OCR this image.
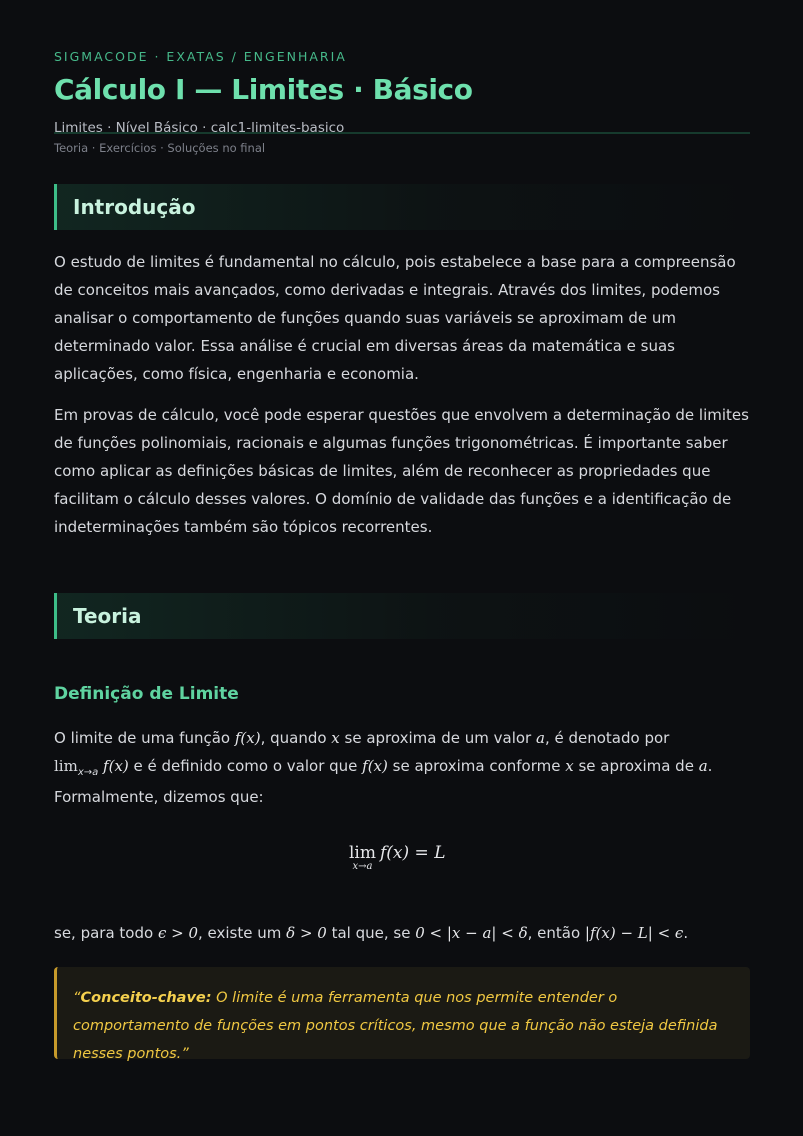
SIGMACODE · EXATAS / ENGENHARIA
Cálculo I — Limites · Básico
Limites · Nível Básico · calc1-limites-basico
Teoria · Exercícios · Soluções no final
Introdução

O estudo de limites é fundamental no cálculo, pois estabelece a base para a compreensão de conceitos mais avançados, como derivadas e integrais. Através dos limites, podemos analisar o comportamento de funções quando suas variáveis se aproximam de um determinado valor. Essa análise é crucial em diversas áreas da matemática e suas aplicações, como física, engenharia e economia.

Em provas de cálculo, você pode esperar questões que envolvem a determinação de limites de funções polinomiais, racionais e algumas funções trigonométricas. É importante saber como aplicar as definições básicas de limites, além de reconhecer as propriedades que facilitam o cálculo desses valores. O domínio de validade das funções e a identificação de indeterminações também são tópicos recorrentes.

Teoria
Definição de Limite

O limite de uma função f(x), quando x se aproxima de um valor a, é denotado por
$\lim_{x\to a} f(x)$ e é definido como o valor que f(x) se aproxima conforme x se aproxima de a.
Formalmente, dizemos que:

lim
x→a
f(x) = L

se, para todo ϵ > 0, existe um δ > 0 tal que, se 0 < |x − a| < δ, então |f(x) − L| < ϵ.

“Conceito-chave: O limite é uma ferramenta que nos permite entender o comportamento de funções em pontos críticos, mesmo que a função não esteja definida nesses pontos.”
